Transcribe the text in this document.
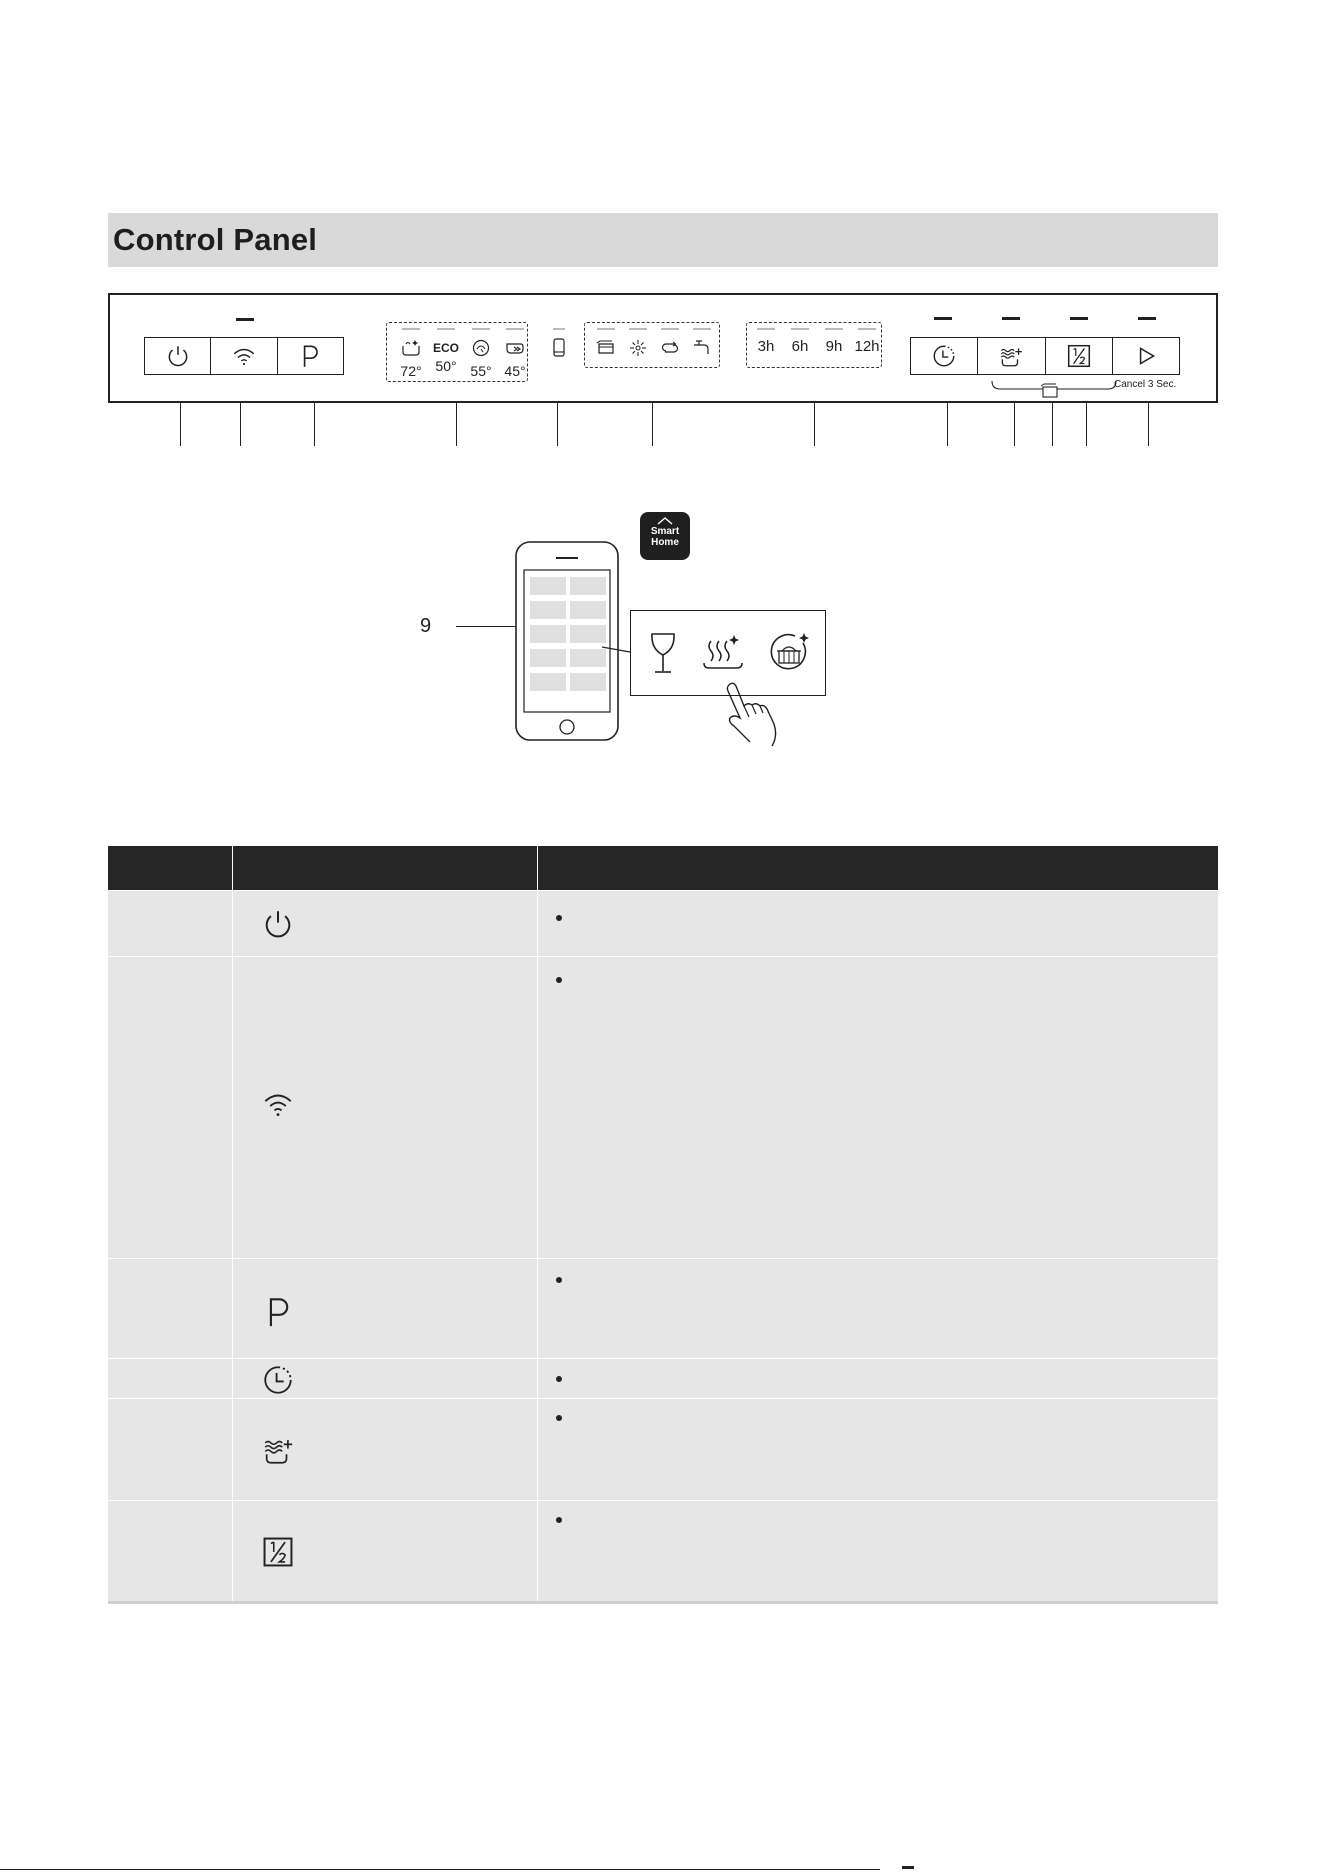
Control Panel
72°
ECO
50° 55° 45°
3h	6h	9h 12h
Cancel 3 Sec.
Smart
Home
9
